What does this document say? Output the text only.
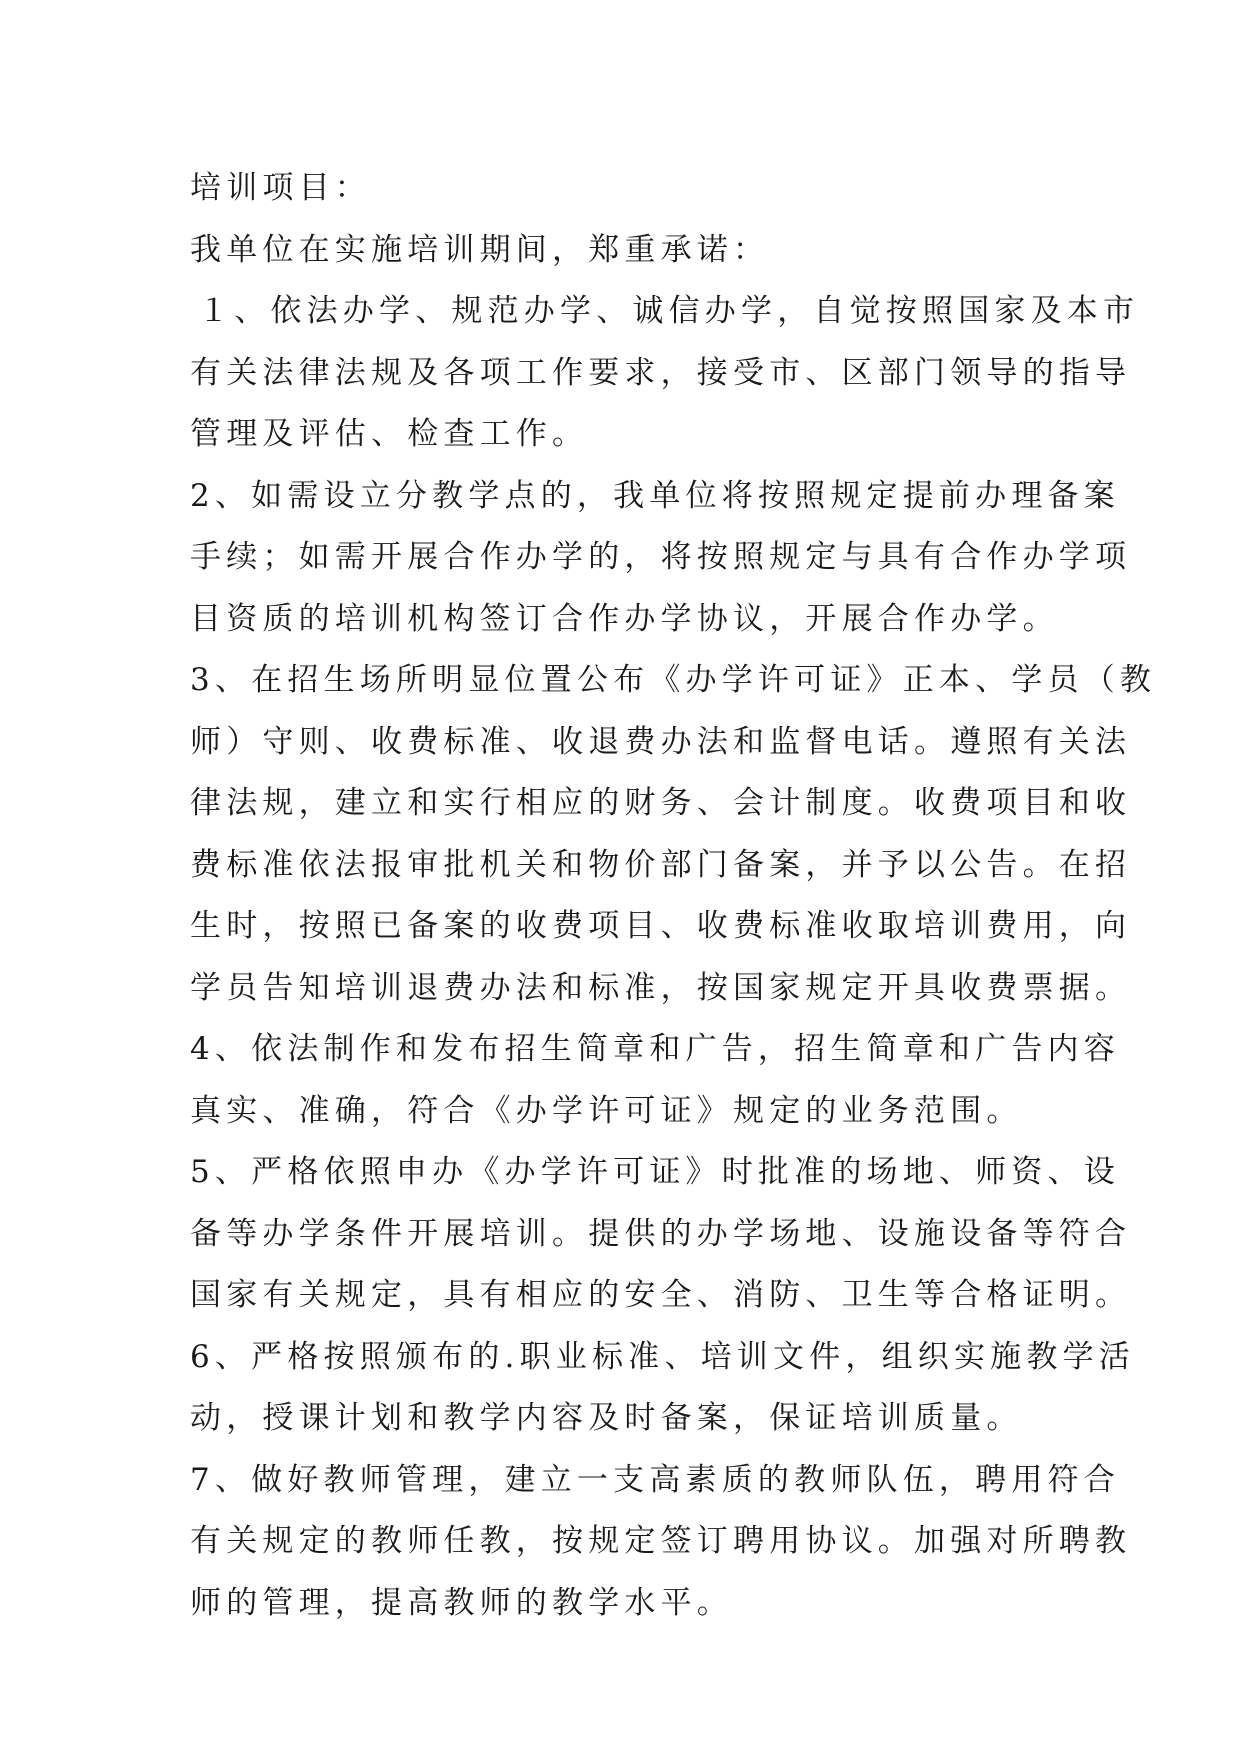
培训项目：
我单位在实施培训期间，郑重承诺：
１、依法办学、规范办学、诚信办学，自觉按照国家及本市
有关法律法规及各项工作要求，接受市、区部门领导的指导
管理及评估、检查工作。
2、如需设立分教学点的，我单位将按照规定提前办理备案
手续；如需开展合作办学的，将按照规定与具有合作办学项
目资质的培训机构签订合作办学协议，开展合作办学。
3、在招生场所明显位置公布《办学许可证》正本、学员（教
师）守则、收费标准、收退费办法和监督电话。遵照有关法
律法规，建立和实行相应的财务、会计制度。收费项目和收
费标准依法报审批机关和物价部门备案，并予以公告。在招
生时，按照已备案的收费项目、收费标准收取培训费用，向
学员告知培训退费办法和标准，按国家规定开具收费票据。
4、依法制作和发布招生简章和广告，招生简章和广告内容
真实、准确，符合《办学许可证》规定的业务范围。
5、严格依照申办《办学许可证》时批准的场地、师资、设
备等办学条件开展培训。提供的办学场地、设施设备等符合
国家有关规定，具有相应的安全、消防、卫生等合格证明。
6、严格按照颁布的.职业标准、培训文件，组织实施教学活
动，授课计划和教学内容及时备案，保证培训质量。
7、做好教师管理，建立一支高素质的教师队伍，聘用符合
有关规定的教师任教，按规定签订聘用协议。加强对所聘教
师的管理，提高教师的教学水平。
